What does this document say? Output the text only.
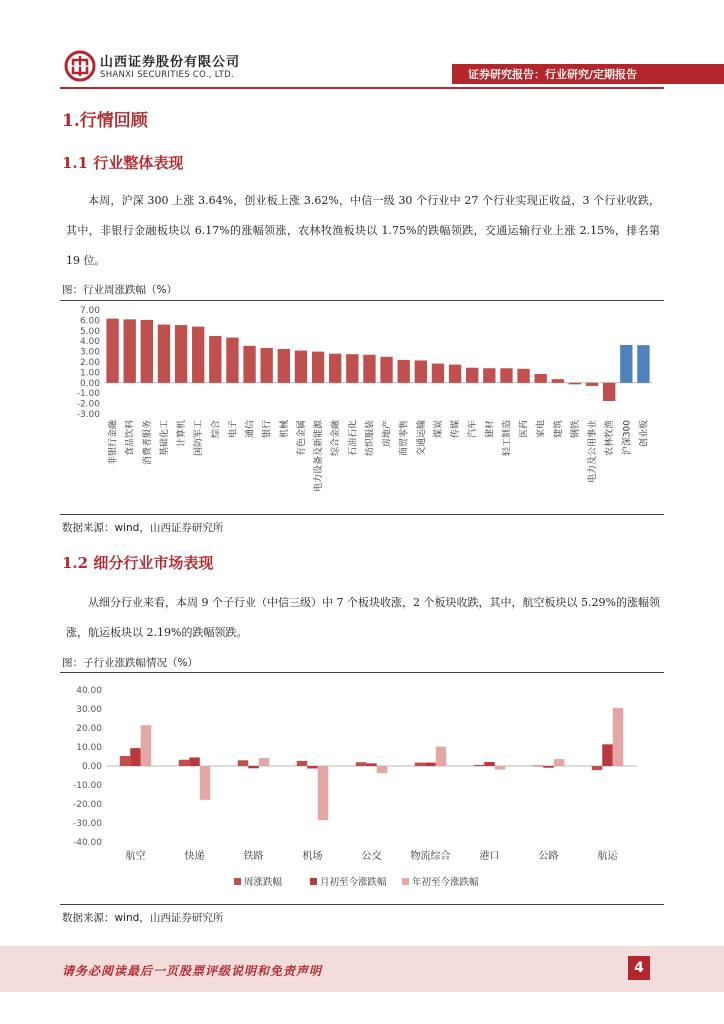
山西证券股份有限公司
SHANXI SECURITIES CO., LTD.	证券研究报告：行业研究/定期报告
1.行情回顾
1.1 行业整体表现
本周，沪深 300 上涨 3.64%，创业板上涨 3.62%，中信一级 30 个行业中 27 个行业实现正收益，3 个行业收跌，其中，非银行金融板块以 6.17%的涨幅领涨，农林牧渔板块以 1.75%的跌幅领跌，交通运输行业上涨 2.15%，排名第 19 位。
图：行业周涨跌幅（%）
7.00
6.00
5.00
4.00
3.00
2.00
1.00
0.00
-1.00
-2.00
-3.00
非银行金融 食品饮料 消费者服务 基础化工 计算机 国防军工 综合 电子 通信 银行 机械 有色金属 电力设备及新能源 综合金融 石油石化 纺织服装 房地产 商贸零售 交通运输 煤炭 传媒 汽车 建材 轻工制造 医药 家电 建筑 钢铁 电力及公用事业 农林牧渔 沪深300 创业板
数据来源：wind，山西证券研究所
1.2 细分行业市场表现
从细分行业来看，本周 9 个子行业（中信三级）中 7 个板块收涨，2 个板块收跌，其中，航空板块以 5.29%的涨幅领涨，航运板块以 2.19%的跌幅领跌。
图：子行业涨跌幅情况（%）
40.00
30.00
20.00
10.00
0.00
-10.00
-20.00
-30.00
-40.00
航空	快递	铁路	机场	公交	物流综合	港口	公路	航运
周涨跌幅	月初至今涨跌幅	年初至今涨跌幅
数据来源：wind，山西证券研究所
请务必阅读最后一页股票评级说明和免责声明	4
